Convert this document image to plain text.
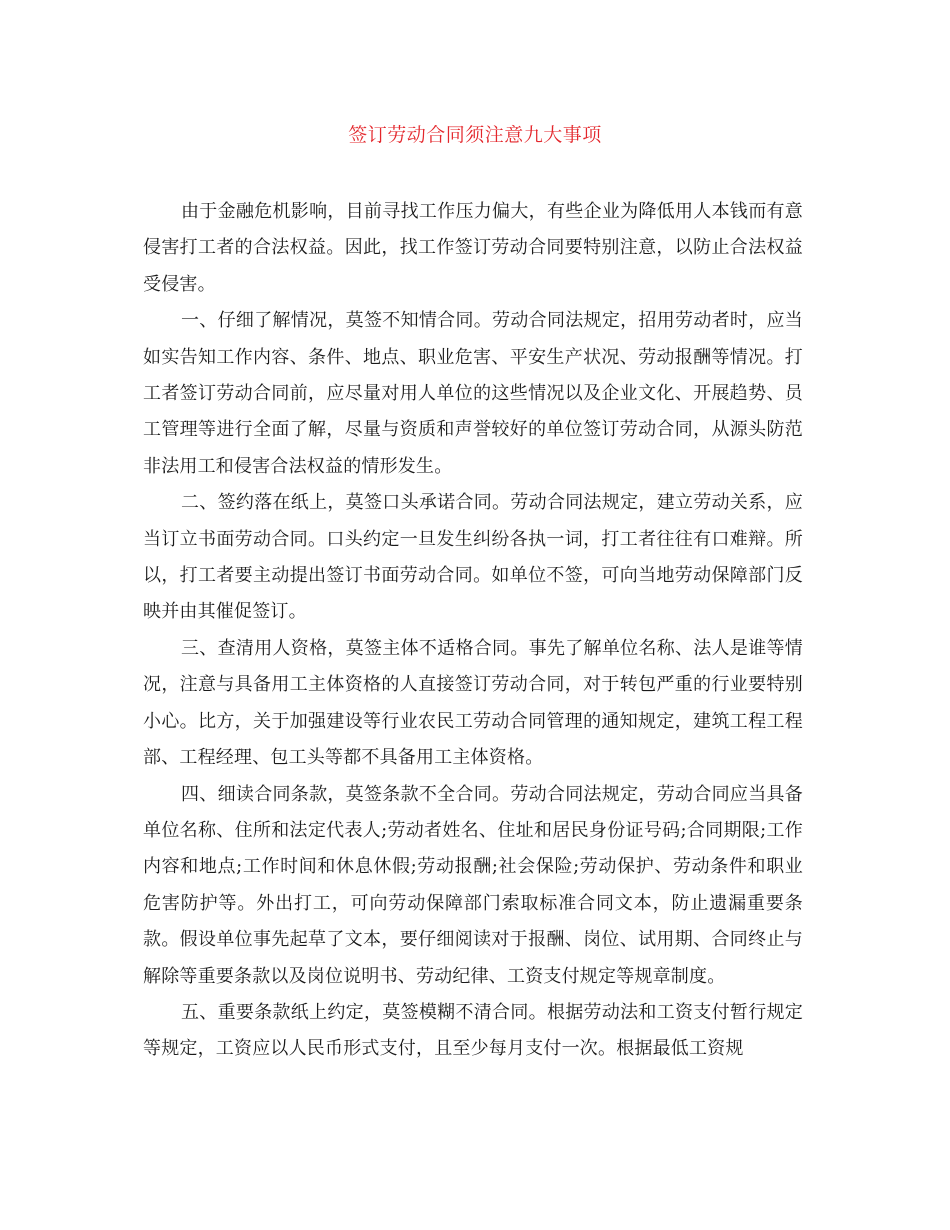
签订劳动合同须注意九大事项

由于金融危机影响，目前寻找工作压力偏大，有些企业为降低用人本钱而有意侵害打工者的合法权益。因此，找工作签订劳动合同要特别注意，以防止合法权益受侵害。

一、仔细了解情况，莫签不知情合同。劳动合同法规定，招用劳动者时，应当如实告知工作内容、条件、地点、职业危害、平安生产状况、劳动报酬等情况。打工者签订劳动合同前，应尽量对用人单位的这些情况以及企业文化、开展趋势、员工管理等进行全面了解，尽量与资质和声誉较好的单位签订劳动合同，从源头防范非法用工和侵害合法权益的情形发生。

二、签约落在纸上，莫签口头承诺合同。劳动合同法规定，建立劳动关系，应当订立书面劳动合同。口头约定一旦发生纠纷各执一词，打工者往往有口难辩。所以，打工者要主动提出签订书面劳动合同。如单位不签，可向当地劳动保障部门反映并由其催促签订。

三、查清用人资格，莫签主体不适格合同。事先了解单位名称、法人是谁等情况，注意与具备用工主体资格的人直接签订劳动合同，对于转包严重的行业要特别小心。比方，关于加强建设等行业农民工劳动合同管理的通知规定，建筑工程工程部、工程经理、包工头等都不具备用工主体资格。

四、细读合同条款，莫签条款不全合同。劳动合同法规定，劳动合同应当具备单位名称、住所和法定代表人;劳动者姓名、住址和居民身份证号码;合同期限;工作内容和地点;工作时间和休息休假;劳动报酬;社会保险;劳动保护、劳动条件和职业危害防护等。外出打工，可向劳动保障部门索取标准合同文本，防止遗漏重要条款。假设单位事先起草了文本，要仔细阅读对于报酬、岗位、试用期、合同终止与解除等重要条款以及岗位说明书、劳动纪律、工资支付规定等规章制度。

五、重要条款纸上约定，莫签模糊不清合同。根据劳动法和工资支付暂行规定等规定，工资应以人民币形式支付，且至少每月支付一次。根据最低工资规
